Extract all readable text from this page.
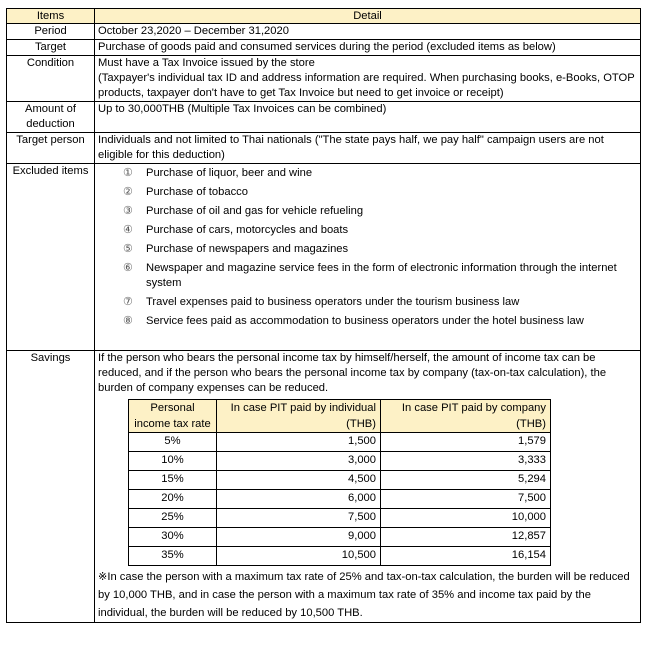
Items	Detail
Period	October 23,2020 – December 31,2020
Target	Purchase of goods paid and consumed services during the period (excluded items as below)
Condition	Must have a Tax Invoice issued by the store
(Taxpayer's individual tax ID and address information are required. When purchasing books, e-Books, OTOP products, taxpayer don't have to get Tax Invoice but need to get invoice or receipt)

Amount of deduction	Up to 30,000THB (Multiple Tax Invoices can be combined)
Target person	Individuals and not limited to Thai nationals ("The state pays half, we pay half" campaign users are not eligible for this deduction)
Excluded items	① Purchase of liquor, beer and wine
② Purchase of tobacco
③ Purchase of oil and gas for vehicle refueling
④ Purchase of cars, motorcycles and boats
⑤ Purchase of newspapers and magazines
⑥ Newspaper and magazine service fees in the form of electronic information through the internet system
⑦ Travel expenses paid to business operators under the tourism business law
⑧ Service fees paid as accommodation to business operators under the hotel business law

Savings	If the person who bears the personal income tax by himself/herself, the amount of income tax can be reduced, and if the person who bears the personal income tax by company (tax-on-tax calculation), the burden of company expenses can be reduced.
Personal income tax rate	In case PIT paid by individual (THB)	In case PIT paid by company (THB)
5%	1,500	1,579
10%	3,000	3,333
15%	4,500	5,294
20%	6,000	7,500
25%	7,500	10,000
30%	9,000	12,857
35%	10,500	16,154
※In case the person with a maximum tax rate of 25% and tax-on-tax calculation, the burden will be reduced by 10,000 THB, and in case the person with a maximum tax rate of 35% and income tax paid by the individual, the burden will be reduced by 10,500 THB.
